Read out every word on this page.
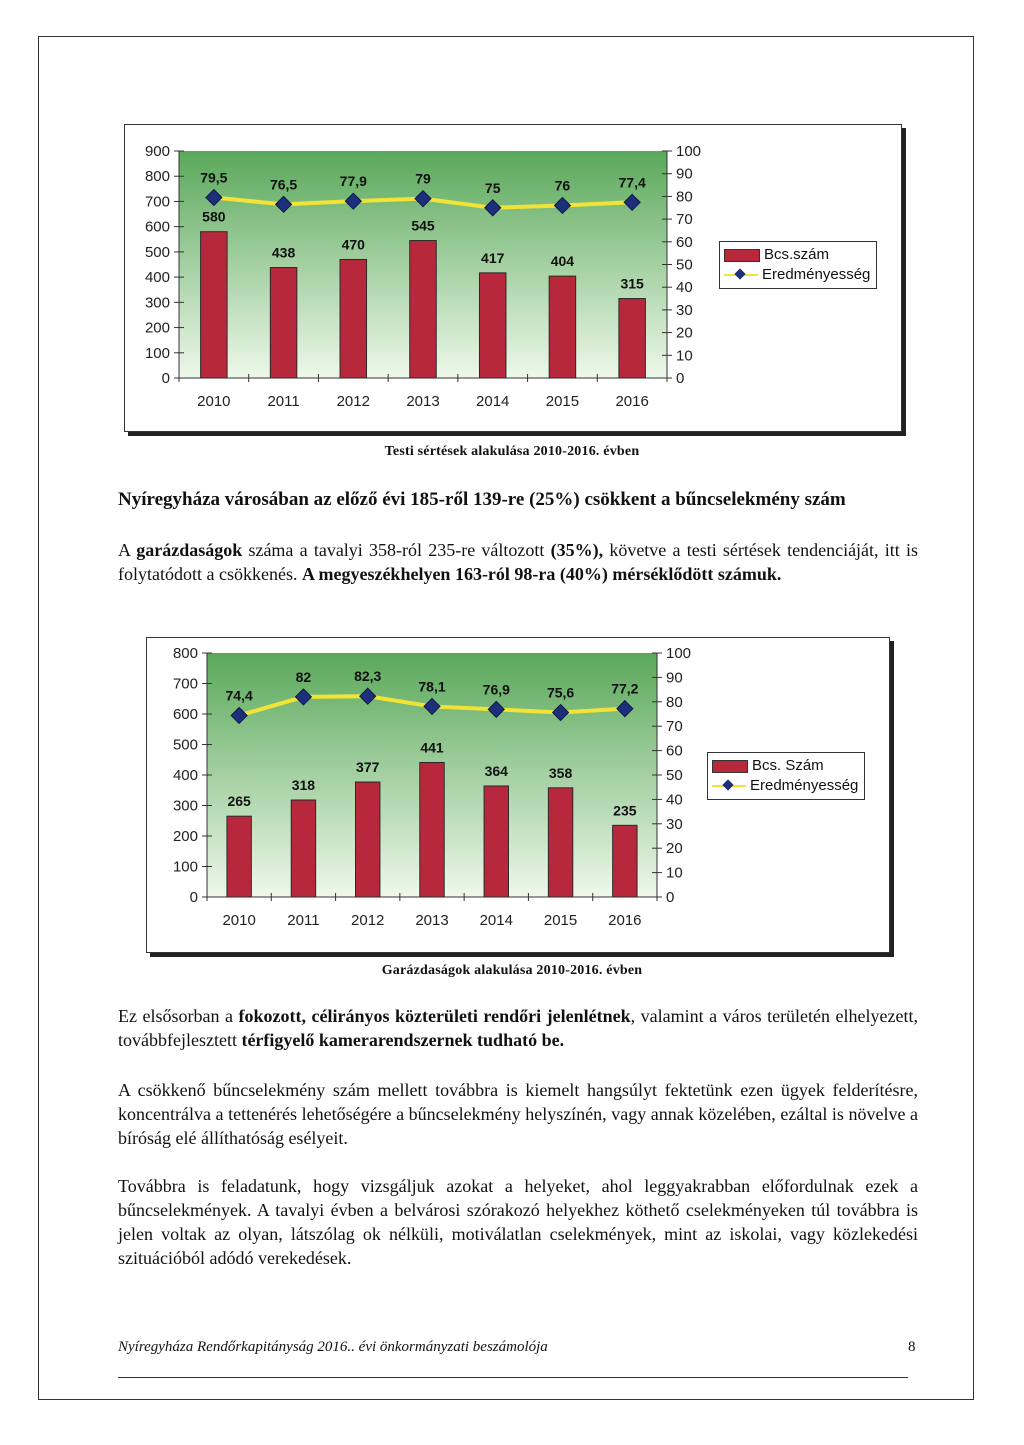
900
800
700
600
500
400
300
200
100
0
100
90
80
70
60
50
40
30
20
10
0
2010 2011 2012 2013 2014 2015 2016
580
438
470
545
417	404
315
79,5	76,5	77,9	79
75	76	77,4
Bcs.szám
Eredményesség
Testi sértések alakulása 2010-2016. évben
Nyíregyháza városában az előző évi 185-ről 139-re (25%) csökkent a bűncselekmény szám
A garázdaságok száma a tavalyi 358-ról 235-re változott (35%), követve a testi sértések tendenciáját, itt is folytatódott a csökkenés. A megyeszékhelyen 163-ról 98-ra (40%) mérséklődött számuk.
800
700
600
500
400
300
200
100
0
100
90
80
70
60
50
40
30
20
10
0
2010 2011 2012 2013 2014 2015 2016
265
318
377
441
364	358
235
74,4
82	82,3
78,1	76,9	75,6	77,2
Bcs. Szám
Eredményesség
Garázdaságok alakulása 2010-2016. évben
Ez elsősorban a fokozott, célirányos közterületi rendőri jelenlétnek, valamint a város területén elhelyezett, továbbfejlesztett térfigyelő kamerarendszernek tudható be.
A csökkenő bűncselekmény szám mellett továbbra is kiemelt hangsúlyt fektetünk ezen ügyek felderítésre, koncentrálva a tettenérés lehetőségére a bűncselekmény helyszínén, vagy annak közelében, ezáltal is növelve a bíróság elé állíthatóság esélyeit.
Továbbra is feladatunk, hogy vizsgáljuk azokat a helyeket, ahol leggyakrabban előfordulnak ezek a bűncselekmények. A tavalyi évben a belvárosi szórakozó helyekhez köthető cselekményeken túl továbbra is jelen voltak az olyan, látszólag ok nélküli, motiválatlan cselekmények, mint az iskolai, vagy közlekedési szituációból adódó verekedések.
Nyíregyháza Rendőrkapitányság 2016.. évi önkormányzati beszámolója	8
